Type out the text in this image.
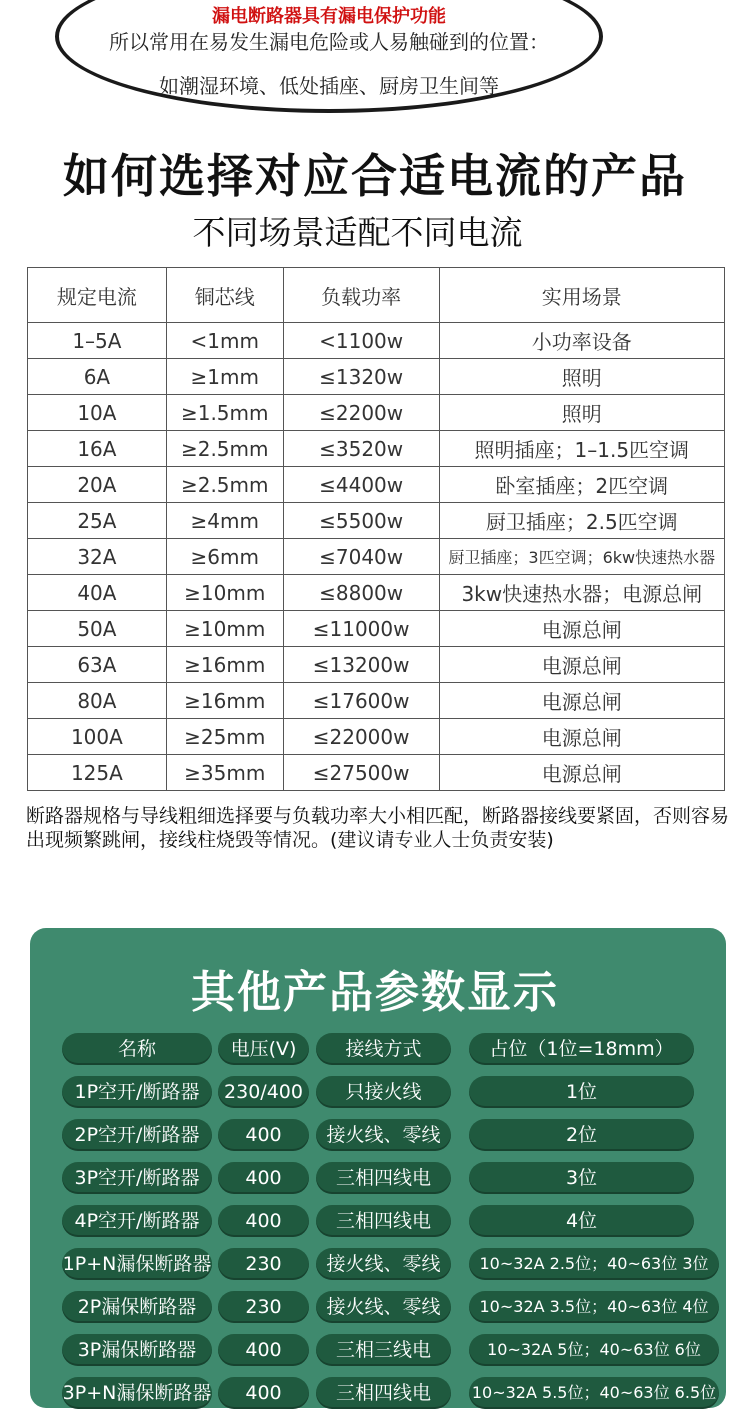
漏电断路器具有漏电保护功能
所以常用在易发生漏电危险或人易触碰到的位置：
如潮湿环境、低处插座、厨房卫生间等
如何选择对应合适电流的产品
不同场景适配不同电流
规定电流	铜芯线	负载功率	实用场景
1–5A	<1mm	<1100w	小功率设备
6A	≥1mm	≤1320w	照明
10A	≥1.5mm	≤2200w	照明
16A	≥2.5mm	≤3520w	照明插座；1–1.5匹空调
20A	≥2.5mm	≤4400w	卧室插座；2匹空调
25A	≥4mm	≤5500w	厨卫插座；2.5匹空调
32A	≥6mm	≤7040w	厨卫插座；3匹空调；6kw快速热水器
40A	≥10mm	≤8800w	3kw快速热水器；电源总闸
50A	≥10mm	≤11000w	电源总闸
63A	≥16mm	≤13200w	电源总闸
80A	≥16mm	≤17600w	电源总闸
100A	≥25mm	≤22000w	电源总闸
125A	≥35mm	≤27500w	电源总闸
断路器规格与导线粗细选择要与负载功率大小相匹配，断路器接线要紧固，否则容易出现频繁跳闸，接线柱烧毁等情况。(建议请专业人士负责安装)
其他产品参数显示
名称	电压(V)	接线方式	占位（1位=18mm）
1P空开/断路器	230/400	只接火线	1位
2P空开/断路器	400	接火线、零线	2位
3P空开/断路器	400	三相四线电	3位
4P空开/断路器	400	三相四线电	4位
1P+N漏保断路器	230	接火线、零线	10~32A 2.5位；40~63位 3位
2P漏保断路器	230	接火线、零线	10~32A 3.5位；40~63位 4位
3P漏保断路器	400	三相三线电	10~32A 5位；40~63位 6位
3P+N漏保断路器	400	三相四线电	10~32A 5.5位；40~63位 6.5位
